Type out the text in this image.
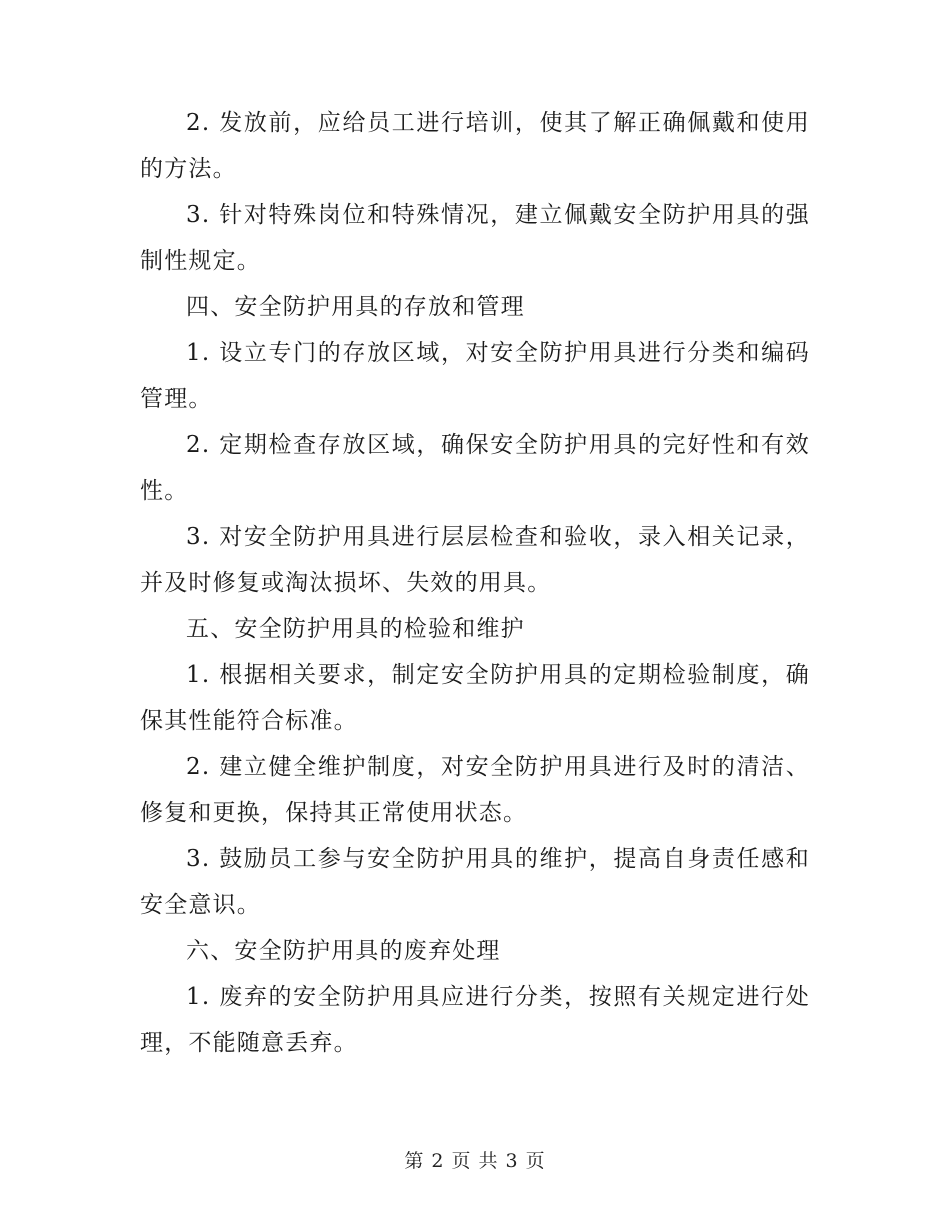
2. 发放前，应给员工进行培训，使其了解正确佩戴和使用的方法。

3. 针对特殊岗位和特殊情况，建立佩戴安全防护用具的强制性规定。

四、安全防护用具的存放和管理

1. 设立专门的存放区域，对安全防护用具进行分类和编码管理。

2. 定期检查存放区域，确保安全防护用具的完好性和有效性。

3. 对安全防护用具进行层层检查和验收，录入相关记录，并及时修复或淘汰损坏、失效的用具。

五、安全防护用具的检验和维护

1. 根据相关要求，制定安全防护用具的定期检验制度，确保其性能符合标准。

2. 建立健全维护制度，对安全防护用具进行及时的清洁、修复和更换，保持其正常使用状态。

3. 鼓励员工参与安全防护用具的维护，提高自身责任感和安全意识。

六、安全防护用具的废弃处理

1. 废弃的安全防护用具应进行分类，按照有关规定进行处理，不能随意丢弃。

第 2 页 共 3 页
